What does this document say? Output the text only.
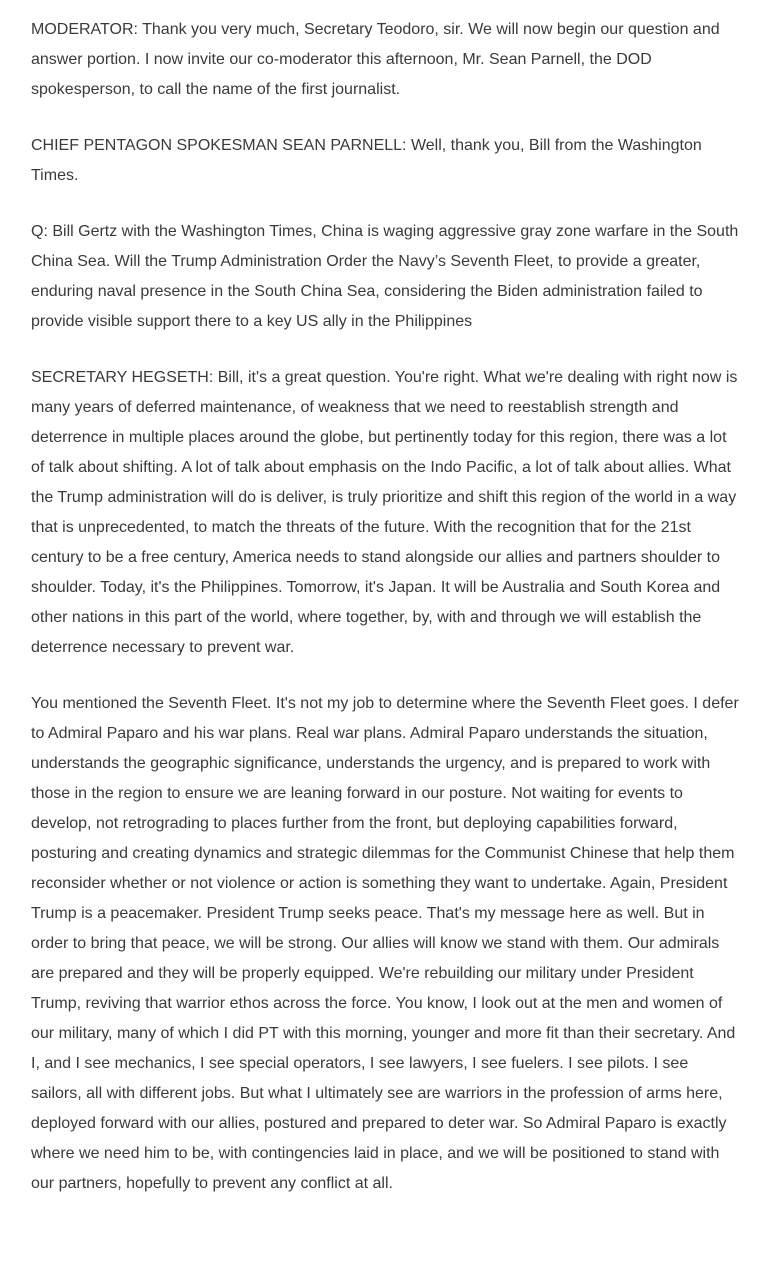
MODERATOR: Thank you very much, Secretary Teodoro, sir. We will now begin our question and answer portion. I now invite our co-moderator this afternoon, Mr. Sean Parnell, the DOD spokesperson, to call the name of the first journalist.

CHIEF PENTAGON SPOKESMAN SEAN PARNELL: Well, thank you, Bill from the Washington Times.

Q: Bill Gertz with the Washington Times, China is waging aggressive gray zone warfare in the South China Sea. Will the Trump Administration Order the Navy’s Seventh Fleet, to provide a greater, enduring naval presence in the South China Sea, considering the Biden administration failed to provide visible support there to a key US ally in the Philippines

SECRETARY HEGSETH: Bill, it's a great question. You're right. What we're dealing with right now is many years of deferred maintenance, of weakness that we need to reestablish strength and deterrence in multiple places around the globe, but pertinently today for this region, there was a lot of talk about shifting. A lot of talk about emphasis on the Indo Pacific, a lot of talk about allies. What the Trump administration will do is deliver, is truly prioritize and shift this region of the world in a way that is unprecedented, to match the threats of the future. With the recognition that for the 21st century to be a free century, America needs to stand alongside our allies and partners shoulder to shoulder. Today, it's the Philippines. Tomorrow, it's Japan. It will be Australia and South Korea and other nations in this part of the world, where together, by, with and through we will establish the deterrence necessary to prevent war.

You mentioned the Seventh Fleet. It's not my job to determine where the Seventh Fleet goes. I defer to Admiral Paparo and his war plans. Real war plans. Admiral Paparo understands the situation, understands the geographic significance, understands the urgency, and is prepared to work with those in the region to ensure we are leaning forward in our posture. Not waiting for events to develop, not retrograding to places further from the front, but deploying capabilities forward, posturing and creating dynamics and strategic dilemmas for the Communist Chinese that help them reconsider whether or not violence or action is something they want to undertake. Again, President Trump is a peacemaker. President Trump seeks peace. That's my message here as well. But in order to bring that peace, we will be strong. Our allies will know we stand with them. Our admirals are prepared and they will be properly equipped. We're rebuilding our military under President Trump, reviving that warrior ethos across the force. You know, I look out at the men and women of our military, many of which I did PT with this morning, younger and more fit than their secretary. And I, and I see mechanics, I see special operators, I see lawyers, I see fuelers. I see pilots. I see sailors, all with different jobs. But what I ultimately see are warriors in the profession of arms here, deployed forward with our allies, postured and prepared to deter war. So Admiral Paparo is exactly where we need him to be, with contingencies laid in place, and we will be positioned to stand with our partners, hopefully to prevent any conflict at all.
